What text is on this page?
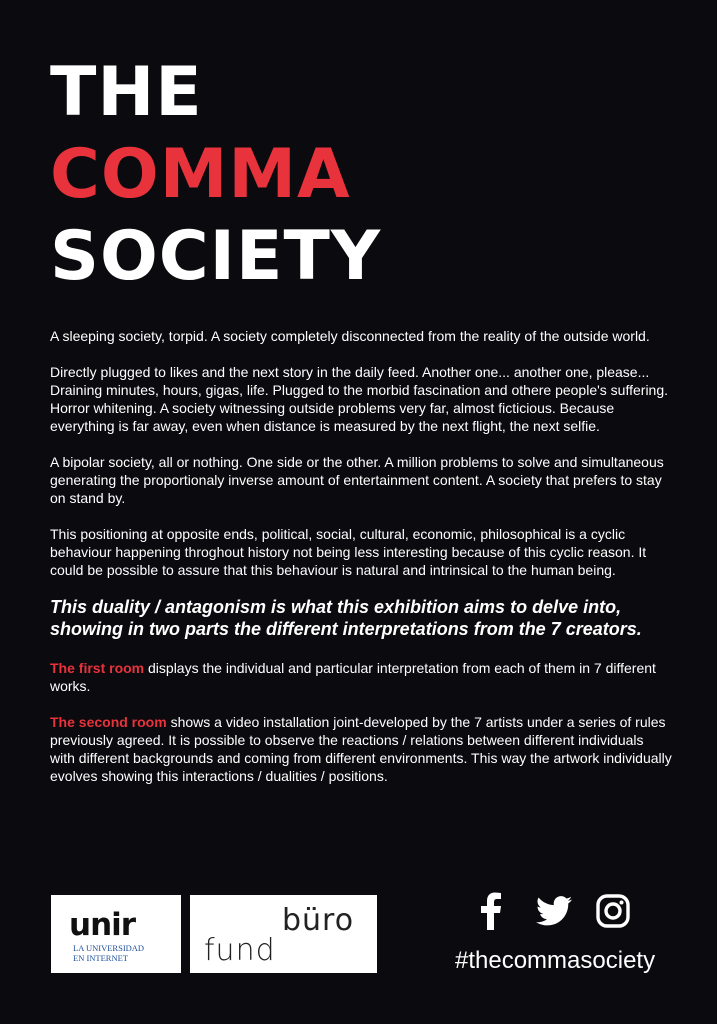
THE
COMMA
SOCIETY

A sleeping society, torpid. A society completely disconnected from the reality of the outside world.

Directly plugged to likes and the next story in the daily feed. Another one... another one, please... Draining minutes, hours, gigas, life. Plugged to the morbid fascination and othere people's suffering. Horror whitening. A society witnessing outside problems very far, almost ficticious. Because everything is far away, even when distance is measured by the next flight, the next selfie.

A bipolar society, all or nothing. One side or the other. A million problems to solve and simultaneous generating the proportionaly inverse amount of entertainment content. A society that prefers to stay on stand by.

This positioning at opposite ends, political, social, cultural, economic, philosophical is a cyclic behaviour happening throghout history not being less interesting because of this cyclic reason. It could be possible to assure that this behaviour is natural and intrinsical to the human being.

This duality / antagonism is what this exhibition aims to delve into, showing in two parts the different interpretations from the 7 creators.

The first room displays the individual and particular interpretation from each of them in 7 different works.

The second room shows a video installation joint-developed by the 7 artists under a series of rules previously agreed. It is possible to observe the reactions / relations between different individuals with different backgrounds and coming from different environments. This way the artwork individually evolves showing this interactions / dualities / positions.

unir
LA UNIVERSIDAD
EN INTERNET
büro
fund	#thecommasociety
